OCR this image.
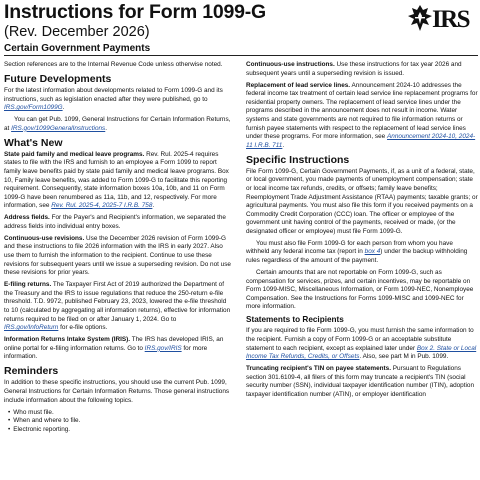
Instructions for Form 1099-G
(Rev. December 2026)
Certain Government Payments
IRS

Section references are to the Internal Revenue Code unless otherwise noted.

Future Developments

For the latest information about developments related to Form 1099-G and its instructions, such as legislation enacted after they were published, go to IRS.gov/Form1099G.

You can get Pub. 1099, General Instructions for Certain Information Returns, at IRS.gov/1099GeneralInstructions.

What's New

State paid family and medical leave programs. Rev. Rul. 2025-4 requires states to file with the IRS and furnish to an employee a Form 1099 to report family leave benefits paid by state paid family and medical leave programs. Box 10, Family leave benefits, was added to Form 1099-G to facilitate this reporting requirement. Consequently, state information boxes 10a, 10b, and 11 on Form 1099-G have been renumbered as 11a, 11b, and 12, respectively. For more information, see Rev. Rul. 2025-4, 2025-7 I.R.B. 758.

Address fields. For the Payer's and Recipient's information, we separated the address fields into individual entry boxes.

Continuous-use revisions. Use the December 2026 revision of Form 1099-G and these instructions to file 2026 information with the IRS in early 2027. Also use them to furnish the information to the recipient. Continue to use these revisions for subsequent years until we issue a superseding revision. Do not use these revisions for prior years.

E-filing returns. The Taxpayer First Act of 2019 authorized the Department of the Treasury and the IRS to issue regulations that reduce the 250-return e-file threshold. T.D. 9972, published February 23, 2023, lowered the e-file threshold to 10 (calculated by aggregating all information returns), effective for information returns required to be filed on or after January 1, 2024. Go to IRS.gov/InfoReturn for e-file options.

Information Returns Intake System (IRIS). The IRS has developed IRIS, an online portal for e-filing information returns. Go to IRS.gov/IRIS for more information.

Reminders

In addition to these specific instructions, you should use the current Pub. 1099, General Instructions for Certain Information Returns. Those general instructions include information about the following topics.

• Who must file.
• When and where to file.
• Electronic reporting.

Continuous-use instructions. Use these instructions for tax year 2026 and subsequent years until a superseding revision is issued.

Replacement of lead service lines. Announcement 2024-10 addresses the federal income tax treatment of certain lead service line replacement programs for residential property owners. The replacement of lead service lines under the programs described in the announcement does not result in income. Water systems and state governments are not required to file information returns or furnish payee statements with respect to the replacement of lead service lines under these programs. For more information, see Announcement 2024-10, 2024-11 I.R.B. 711.

Specific Instructions

File Form 1099-G, Certain Government Payments, if, as a unit of a federal, state, or local government, you made payments of unemployment compensation; state or local income tax refunds, credits, or offsets; family leave benefits; Reemployment Trade Adjustment Assistance (RTAA) payments; taxable grants; or agricultural payments. You must also file this form if you received payments on a Commodity Credit Corporation (CCC) loan. The officer or employee of the government unit having control of the payments, received or made, (or the designated officer or employee) must file Form 1099-G.

You must also file Form 1099-G for each person from whom you have withheld any federal income tax (report in box 4) under the backup withholding rules regardless of the amount of the payment.

Certain amounts that are not reportable on Form 1099-G, such as compensation for services, prizes, and certain incentives, may be reportable on Form 1099-MISC, Miscellaneous Information, or Form 1099-NEC, Nonemployee Compensation. See the Instructions for Forms 1099-MISC and 1099-NEC for more information.

Statements to Recipients

If you are required to file Form 1099-G, you must furnish the same information to the recipient. Furnish a copy of Form 1099-G or an acceptable substitute statement to each recipient, except as explained later under Box 2. State or Local Income Tax Refunds, Credits, or Offsets. Also, see part M in Pub. 1099.

Truncating recipient's TIN on payee statements. Pursuant to Regulations section 301.6109-4, all filers of this form may truncate a recipient's TIN (social security number (SSN), individual taxpayer identification number (ITIN), adoption taxpayer identification number (ATIN), or employer identification
